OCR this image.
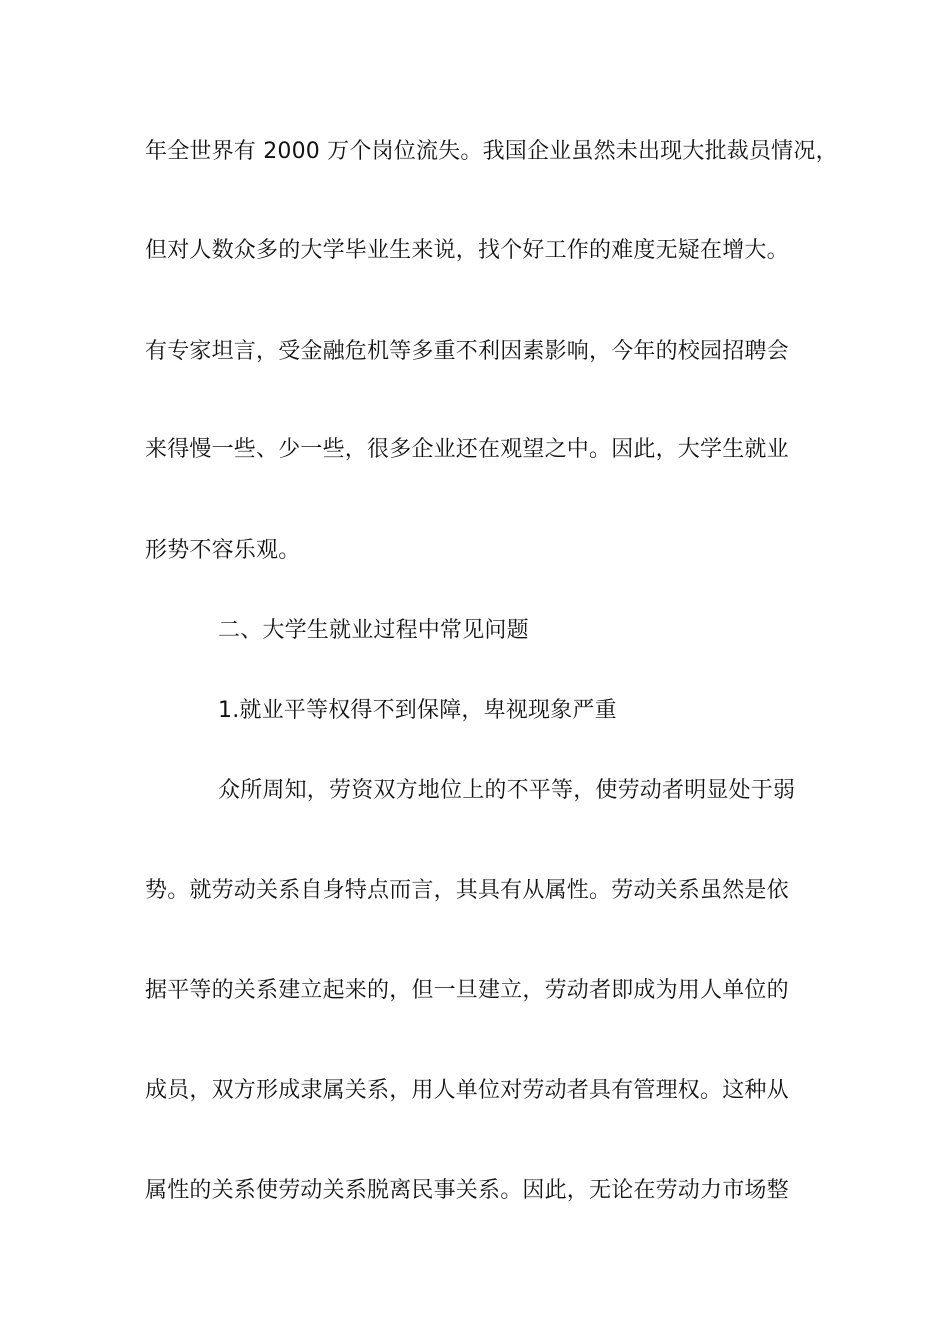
年全世界有 2000 万个岗位流失。我国企业虽然未出现大批裁员情况，
但对人数众多的大学毕业生来说，找个好工作的难度无疑在增大。
有专家坦言，受金融危机等多重不利因素影响，今年的校园招聘会
来得慢一些、少一些，很多企业还在观望之中。因此，大学生就业
形势不容乐观。
二、大学生就业过程中常见问题
1.就业平等权得不到保障，卑视现象严重
众所周知，劳资双方地位上的不平等，使劳动者明显处于弱
势。就劳动关系自身特点而言，其具有从属性。劳动关系虽然是依
据平等的关系建立起来的，但一旦建立，劳动者即成为用人单位的
成员，双方形成隶属关系，用人单位对劳动者具有管理权。这种从
属性的关系使劳动关系脱离民事关系。因此，无论在劳动力市场整
